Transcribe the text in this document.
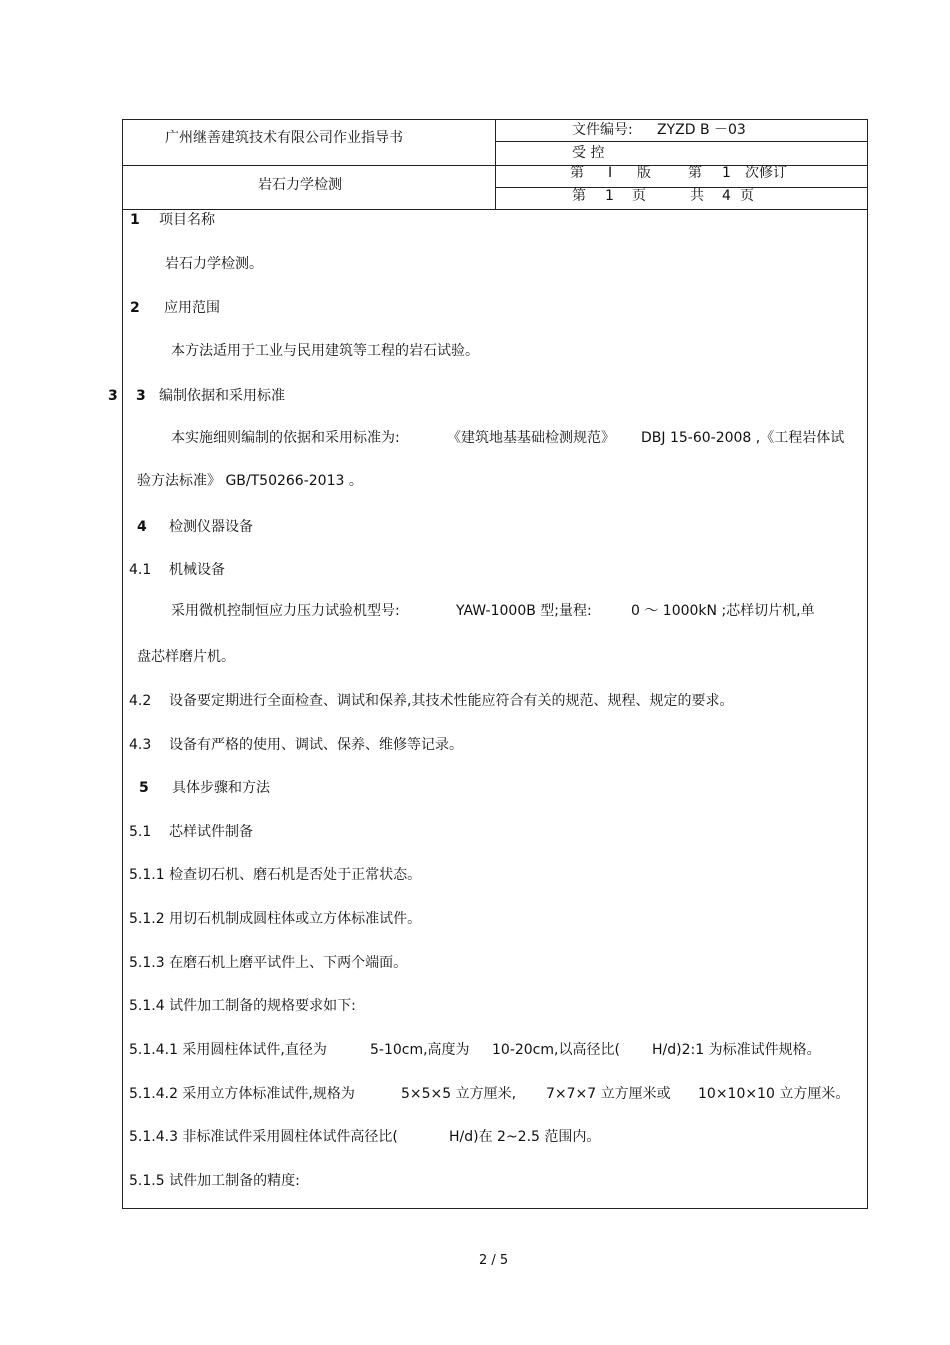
广州继善建筑技术有限公司作业指导书	文件编号: ZYZD B －03
受 控
岩石力学检测
第 I 版	第 1 次修订
第 1 页	共 4 页
3
1 项目名称
岩石力学检测。
2 应用范围
本方法适用于工业与民用建筑等工程的岩石试验。
3 编制依据和采用标准
本实施细则编制的依据和采用标准为:	《建筑地基基础检测规范》 DBJ 15-60-2008 ,《工程岩体试
验方法标准》 GB/T50266-2013 。
4 检测仪器设备
4.1 机械设备
采用微机控制恒应力压力试验机型号:	YAW-1000B 型;量程:	0 ～ 1000kN ;芯样切片机,单
盘芯样磨片机。
4.2 设备要定期进行全面检查、调试和保养,其技术性能应符合有关的规范、规程、规定的要求。
4.3 设备有严格的使用、调试、保养、维修等记录。
5 具体步骤和方法
5.1 芯样试件制备
5.1.1 检查切石机、磨石机是否处于正常状态。
5.1.2 用切石机制成圆柱体或立方体标准试件。
5.1.3 在磨石机上磨平试件上、下两个端面。
5.1.4 试件加工制备的规格要求如下:
5.1.4.1 采用圆柱体试件,直径为	5-10cm,高度为 10-20cm,以高径比( H/d)2:1 为标准试件规格。
5.1.4.2 采用立方体标准试件,规格为	5×5×5 立方厘米, 7×7×7 立方厘米或 10×10×10 立方厘米。
5.1.4.3 非标准试件采用圆柱体试件高径比(	H/d)在 2~2.5 范围内。
5.1.5 试件加工制备的精度:
2 / 5
